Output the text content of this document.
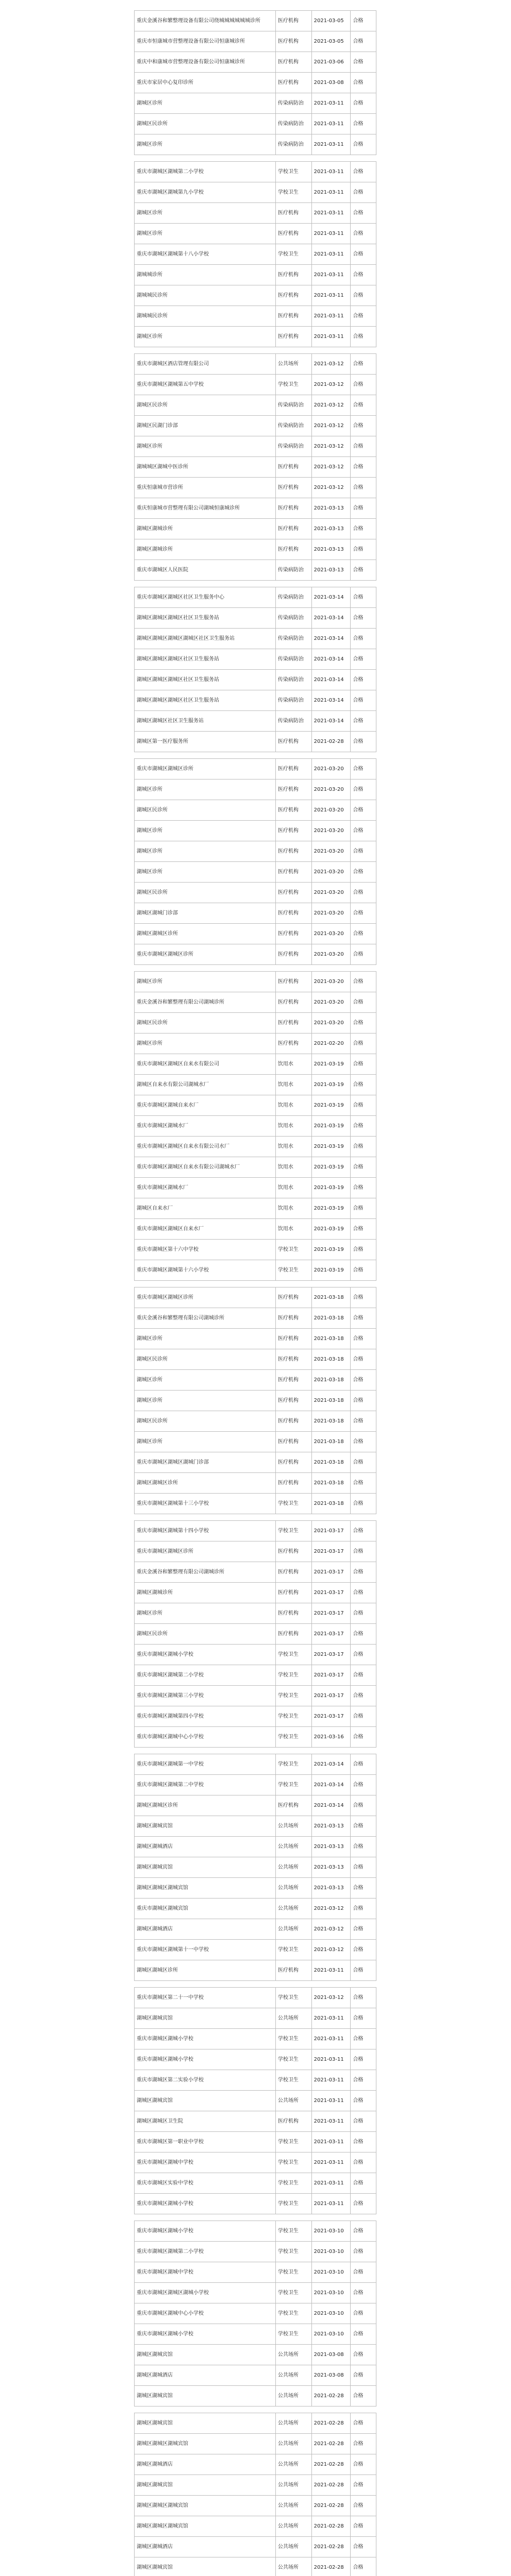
重庆金溪谷和繁整理设备有限公司绕城城城城城城诊所	医疗机构	2021-03-05	合格
重庆市恒康城市营整理设备有限公司恒康城诊所	医疗机构	2021-03-05	合格
重庆中和康城市营整理设备有限公司恒康城诊所	医疗机构	2021-03-06	合格
重庆市家居中心复印诊所	医疗机构	2021-03-08	合格
湖城区诊所	传染病防治	2021-03-11	合格
湖城区民诊所	传染病防治	2021-03-11	合格
湖城区诊所	传染病防治	2021-03-11	合格

重庆市湖城区湖城第二小学校	学校卫生	2021-03-11	合格
重庆市湖城区湖城第九小学校	学校卫生	2021-03-11	合格
湖城区诊所	医疗机构	2021-03-11	合格
湖城区诊所	医疗机构	2021-03-11	合格
重庆市湖城区湖城第十八小学校	学校卫生	2021-03-11	合格
湖城城诊所	医疗机构	2021-03-11	合格
湖城城民诊所	医疗机构	2021-03-11	合格
湖城城民诊所	医疗机构	2021-03-11	合格
湖城区诊所	医疗机构	2021-03-11	合格

重庆市湖城区酒店管理有限公司	公共场所	2021-03-12	合格
重庆市湖城区湖城第五中学校	学校卫生	2021-03-12	合格
湖城区民诊所	传染病防治	2021-03-12	合格
湖城区民湖门诊部	传染病防治	2021-03-12	合格
湖城区诊所	传染病防治	2021-03-12	合格
湖城城区湖城中医诊所	医疗机构	2021-03-12	合格
重庆恒康城市营诊所	医疗机构	2021-03-12	合格
重庆恒康城市营整理有限公司湖城恒康城诊所	医疗机构	2021-03-13	合格
湖城区湖城诊所	医疗机构	2021-03-13	合格
湖城区湖城诊所	医疗机构	2021-03-13	合格
重庆市湖城区人民医院	传染病防治	2021-03-13	合格

重庆市湖城区湖城区社区卫生服务中心	传染病防治	2021-03-14	合格
湖城区湖城区湖城区社区卫生服务站	传染病防治	2021-03-14	合格
湖城区湖城区湖城区湖城区社区卫生服务站	传染病防治	2021-03-14	合格
湖城区湖城区湖城区社区卫生服务站	传染病防治	2021-03-14	合格
湖城区湖城区湖城区社区卫生服务站	传染病防治	2021-03-14	合格
湖城区湖城区湖城区社区卫生服务站	传染病防治	2021-03-14	合格
湖城区湖城区社区卫生服务站	传染病防治	2021-03-14	合格
湖城区第一医疗服务所	医疗机构	2021-02-28	合格

重庆市湖城区湖城区诊所	医疗机构	2021-03-20	合格
湖城区诊所	医疗机构	2021-03-20	合格
湖城区民诊所	医疗机构	2021-03-20	合格
湖城区诊所	医疗机构	2021-03-20	合格
湖城区诊所	医疗机构	2021-03-20	合格
湖城区诊所	医疗机构	2021-03-20	合格
湖城区民诊所	医疗机构	2021-03-20	合格
湖城区湖城门诊部	医疗机构	2021-03-20	合格
湖城区湖城区诊所	医疗机构	2021-03-20	合格
重庆市湖城区湖城区诊所	医疗机构	2021-03-20	合格

湖城区诊所	医疗机构	2021-03-20	合格
重庆金溪谷和繁整理有限公司湖城诊所	医疗机构	2021-03-20	合格
湖城区民诊所	医疗机构	2021-03-20	合格
湖城区诊所	医疗机构	2021-02-20	合格
重庆市湖城区湖城区自来水有限公司	饮用水	2021-03-19	合格
湖城区自来水有限公司湖城水厂	饮用水	2021-03-19	合格
重庆市湖城区湖城自来水厂	饮用水	2021-03-19	合格
重庆市湖城区湖城水厂	饮用水	2021-03-19	合格
重庆市湖城区湖城区自来水有限公司水厂	饮用水	2021-03-19	合格
重庆市湖城区湖城区自来水有限公司湖城水厂	饮用水	2021-03-19	合格
重庆市湖城区湖城水厂	饮用水	2021-03-19	合格
湖城区自来水厂	饮用水	2021-03-19	合格
重庆市湖城区湖城区自来水厂	饮用水	2021-03-19	合格
重庆市湖城区第十六中学校	学校卫生	2021-03-19	合格
重庆市湖城区湖城第十六小学校	学校卫生	2021-03-19	合格

重庆市湖城区湖城区诊所	医疗机构	2021-03-18	合格
重庆金溪谷和繁整理有限公司湖城诊所	医疗机构	2021-03-18	合格
湖城区诊所	医疗机构	2021-03-18	合格
湖城区民诊所	医疗机构	2021-03-18	合格
湖城区诊所	医疗机构	2021-03-18	合格
湖城区诊所	医疗机构	2021-03-18	合格
湖城区民诊所	医疗机构	2021-03-18	合格
湖城区诊所	医疗机构	2021-03-18	合格
重庆市湖城区湖城区湖城门诊部	医疗机构	2021-03-18	合格
湖城区湖城区诊所	医疗机构	2021-03-18	合格
重庆市湖城区湖城第十三小学校	学校卫生	2021-03-18	合格

重庆市湖城区湖城第十四小学校	学校卫生	2021-03-17	合格
重庆市湖城区湖城区诊所	医疗机构	2021-03-17	合格
重庆金溪谷和繁整理有限公司湖城诊所	医疗机构	2021-03-17	合格
湖城区湖城诊所	医疗机构	2021-03-17	合格
湖城区诊所	医疗机构	2021-03-17	合格
湖城区民诊所	医疗机构	2021-03-17	合格
重庆市湖城区湖城小学校	学校卫生	2021-03-17	合格
重庆市湖城区湖城第二小学校	学校卫生	2021-03-17	合格
重庆市湖城区湖城第三小学校	学校卫生	2021-03-17	合格
重庆市湖城区湖城第四小学校	学校卫生	2021-03-17	合格
重庆市湖城区湖城中心小学校	学校卫生	2021-03-16	合格

重庆市湖城区湖城第一中学校	学校卫生	2021-03-14	合格
重庆市湖城区湖城第二中学校	学校卫生	2021-03-14	合格
湖城区湖城区诊所	医疗机构	2021-03-14	合格
湖城区湖城宾馆	公共场所	2021-03-13	合格
湖城区湖城酒店	公共场所	2021-03-13	合格
湖城区湖城宾馆	公共场所	2021-03-13	合格
湖城区湖城区湖城宾馆	公共场所	2021-03-13	合格
重庆市湖城区湖城宾馆	公共场所	2021-03-12	合格
湖城区湖城酒店	公共场所	2021-03-12	合格
重庆市湖城区湖城第十一中学校	学校卫生	2021-03-12	合格
湖城区湖城区诊所	医疗机构	2021-03-11	合格

重庆市湖城区第二十一中学校	学校卫生	2021-03-12	合格
湖城区湖城宾馆	公共场所	2021-03-11	合格
重庆市湖城区湖城小学校	学校卫生	2021-03-11	合格
重庆市湖城区湖城小学校	学校卫生	2021-03-11	合格
重庆市湖城区第二实验小学校	学校卫生	2021-03-11	合格
湖城区湖城宾馆	公共场所	2021-03-11	合格
湖城区湖城区卫生院	医疗机构	2021-03-11	合格
重庆市湖城区第一职业中学校	学校卫生	2021-03-11	合格
重庆市湖城区湖城中学校	学校卫生	2021-03-11	合格
重庆市湖城区实验中学校	学校卫生	2021-03-11	合格
重庆市湖城区湖城小学校	学校卫生	2021-03-11	合格

重庆市湖城区湖城小学校	学校卫生	2021-03-10	合格
重庆市湖城区湖城第二小学校	学校卫生	2021-03-10	合格
重庆市湖城区湖城中学校	学校卫生	2021-03-10	合格
重庆市湖城区湖城区湖城小学校	学校卫生	2021-03-10	合格
重庆市湖城区湖城中心小学校	学校卫生	2021-03-10	合格
重庆市湖城区湖城小学校	学校卫生	2021-03-10	合格
湖城区湖城宾馆	公共场所	2021-03-08	合格
湖城区湖城酒店	公共场所	2021-03-08	合格
湖城区湖城宾馆	公共场所	2021-02-28	合格

湖城区湖城宾馆	公共场所	2021-02-28	合格
湖城区湖城区湖城宾馆	公共场所	2021-02-28	合格
湖城区湖城酒店	公共场所	2021-02-28	合格
湖城区湖城宾馆	公共场所	2021-02-28	合格
湖城区湖城区湖城宾馆	公共场所	2021-02-28	合格
湖城区湖城区湖城宾馆	公共场所	2021-02-28	合格
湖城区湖城酒店	公共场所	2021-02-28	合格
湖城区湖城宾馆	公共场所	2021-02-28	合格
